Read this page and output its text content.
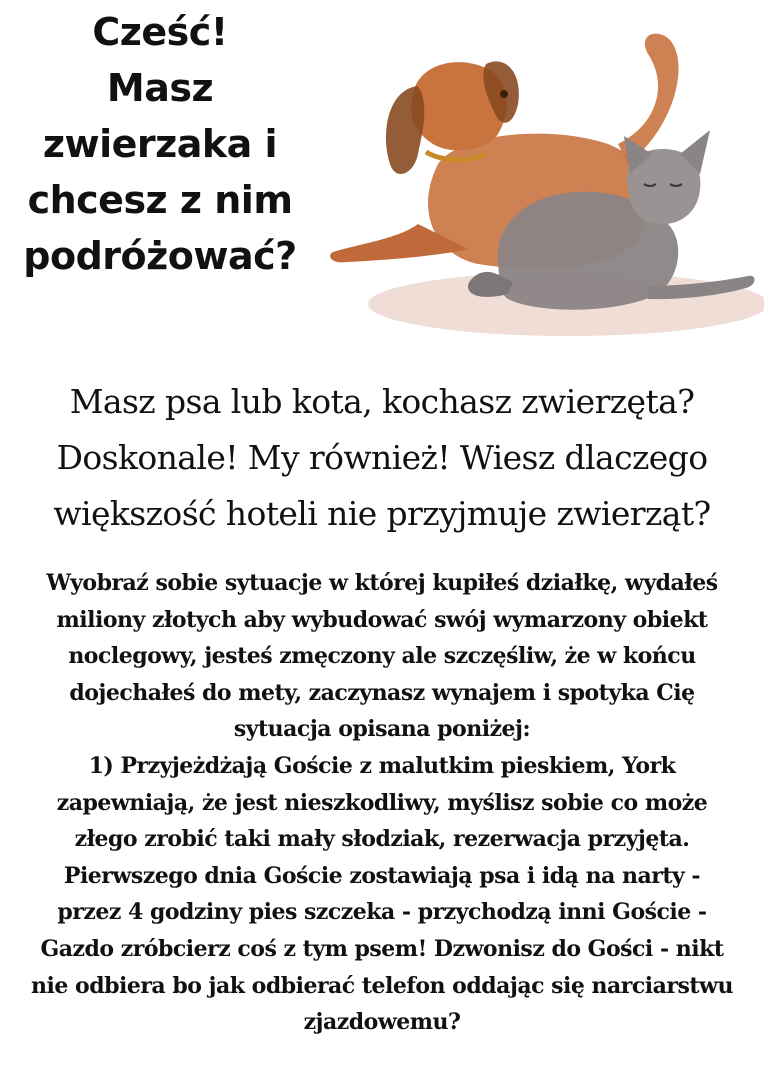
Cześć!
Masz
zwierzaka i
chcesz z nim
podróżować?
Masz psa lub kota, kochasz zwierzęta?
Doskonale! My również! Wiesz dlaczego
większość hoteli nie przyjmuje zwierząt?
Wyobraź sobie sytuacje w której kupiłeś działkę, wydałeś
miliony złotych aby wybudować swój wymarzony obiekt
noclegowy, jesteś zmęczony ale szczęśliw, że w końcu
dojechałeś do mety, zaczynasz wynajem i spotyka Cię
sytuacja opisana poniżej:
1) Przyjeżdżają Goście z malutkim pieskiem, York
zapewniają, że jest nieszkodliwy, myślisz sobie co może
złego zrobić taki mały słodziak, rezerwacja przyjęta.
Pierwszego dnia Goście zostawiają psa i idą na narty -
przez 4 godziny pies szczeka - przychodzą inni Goście -
Gazdo zróbcierz coś z tym psem! Dzwonisz do Gości - nikt
nie odbiera bo jak odbierać telefon oddając się narciarstwu
zjazdowemu?
